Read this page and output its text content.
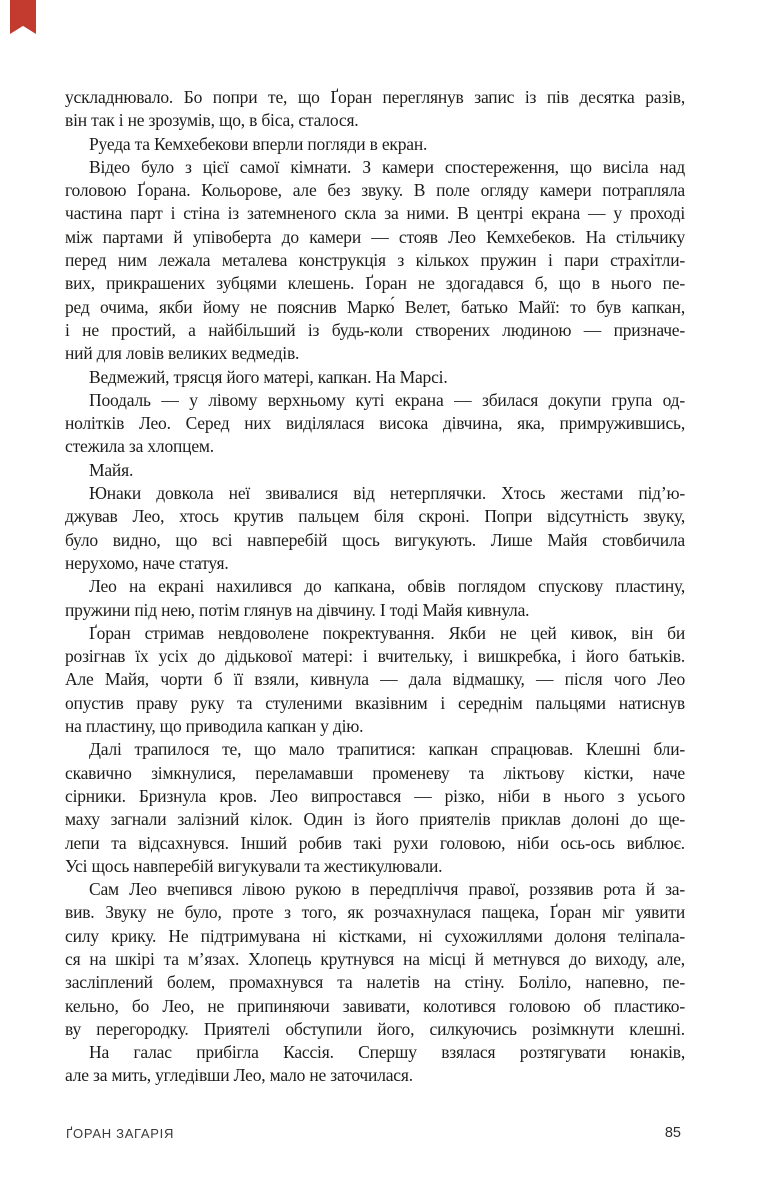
ускладнювало. Бо попри те, що Ґоран переглянув запис із пів десятка разів,
він так і не зрозумів, що, в біса, сталося.
Руеда та Кемхебекови вперли погляди в екран.
Відео було з цієї самої кімнати. З камери спостереження, що висіла над
головою Ґорана. Кольорове, але без звуку. В поле огляду камери потрапляла
частина парт і стіна із затемненого скла за ними. В центрі екрана — у проході
між партами й упівоберта до камери — стояв Лео Кемхебеков. На стільчику
перед ним лежала металева конструкція з кількох пружин і пари страхітли-
вих, прикрашених зубцями клешень. Ґоран не здогадався б, що в нього пе-
ред очима, якби йому не пояснив Марко́ Велет, батько Майї: то був капкан,
і не простий, а найбільший із будь-коли створених людиною — призначе-
ний для ловів великих ведмедів.
Ведмежий, трясця його матері, капкан. На Марсі.
Поодаль — у лівому верхньому куті екрана — збилася докупи група од-
нолітків Лео. Серед них виділялася висока дівчина, яка, примружившись,
стежила за хлопцем.
Майя.
Юнаки довкола неї звивалися від нетерплячки. Хтось жестами під’ю-
джував Лео, хтось крутив пальцем біля скроні. Попри відсутність звуку,
було видно, що всі навперебій щось вигукують. Лише Майя стовбичила
нерухомо, наче статуя.
Лео на екрані нахилився до капкана, обвів поглядом спускову пластину,
пружини під нею, потім глянув на дівчину. І тоді Майя кивнула.
Ґоран стримав невдоволене покректування. Якби не цей кивок, він би
розігнав їх усіх до дідькової матері: і вчительку, і вишкребка, і його батьків.
Але Майя, чорти б її взяли, кивнула — дала відмашку, — після чого Лео
опустив праву руку та стуленими вказівним і середнім пальцями натиснув
на пластину, що приводила капкан у дію.
Далі трапилося те, що мало трапитися: капкан спрацював. Клешні бли-
скавично зімкнулися, переламавши променеву та ліктьову кістки, наче
сірники. Бризнула кров. Лео випростався — різко, ніби в нього з усього
маху загнали залізний кілок. Один із його приятелів приклав долоні до ще-
лепи та відсахнувся. Інший робив такі рухи головою, ніби ось-ось виблює.
Усі щось навперебій вигукували та жестикулювали.
Сам Лео вчепився лівою рукою в передпліччя правої, роззявив рота й за-
вив. Звуку не було, проте з того, як розчахнулася пащека, Ґоран міг уявити
силу крику. Не підтримувана ні кістками, ні сухожиллями долоня теліпала-
ся на шкірі та м’язах. Хлопець крутнувся на місці й метнувся до виходу, але,
засліплений болем, промахнувся та налетів на стіну. Боліло, напевно, пе-
кельно, бо Лео, не припиняючи завивати, колотився головою об пластико-
ву перегородку. Приятелі обступили його, силкуючись розімкнути клешні.
На галас прибігла Кассія. Спершу взялася розтягувати юнаків,
але за мить, угледівши Лео, мало не заточилася.
ҐОРАН ЗАГАРІЯ	85
